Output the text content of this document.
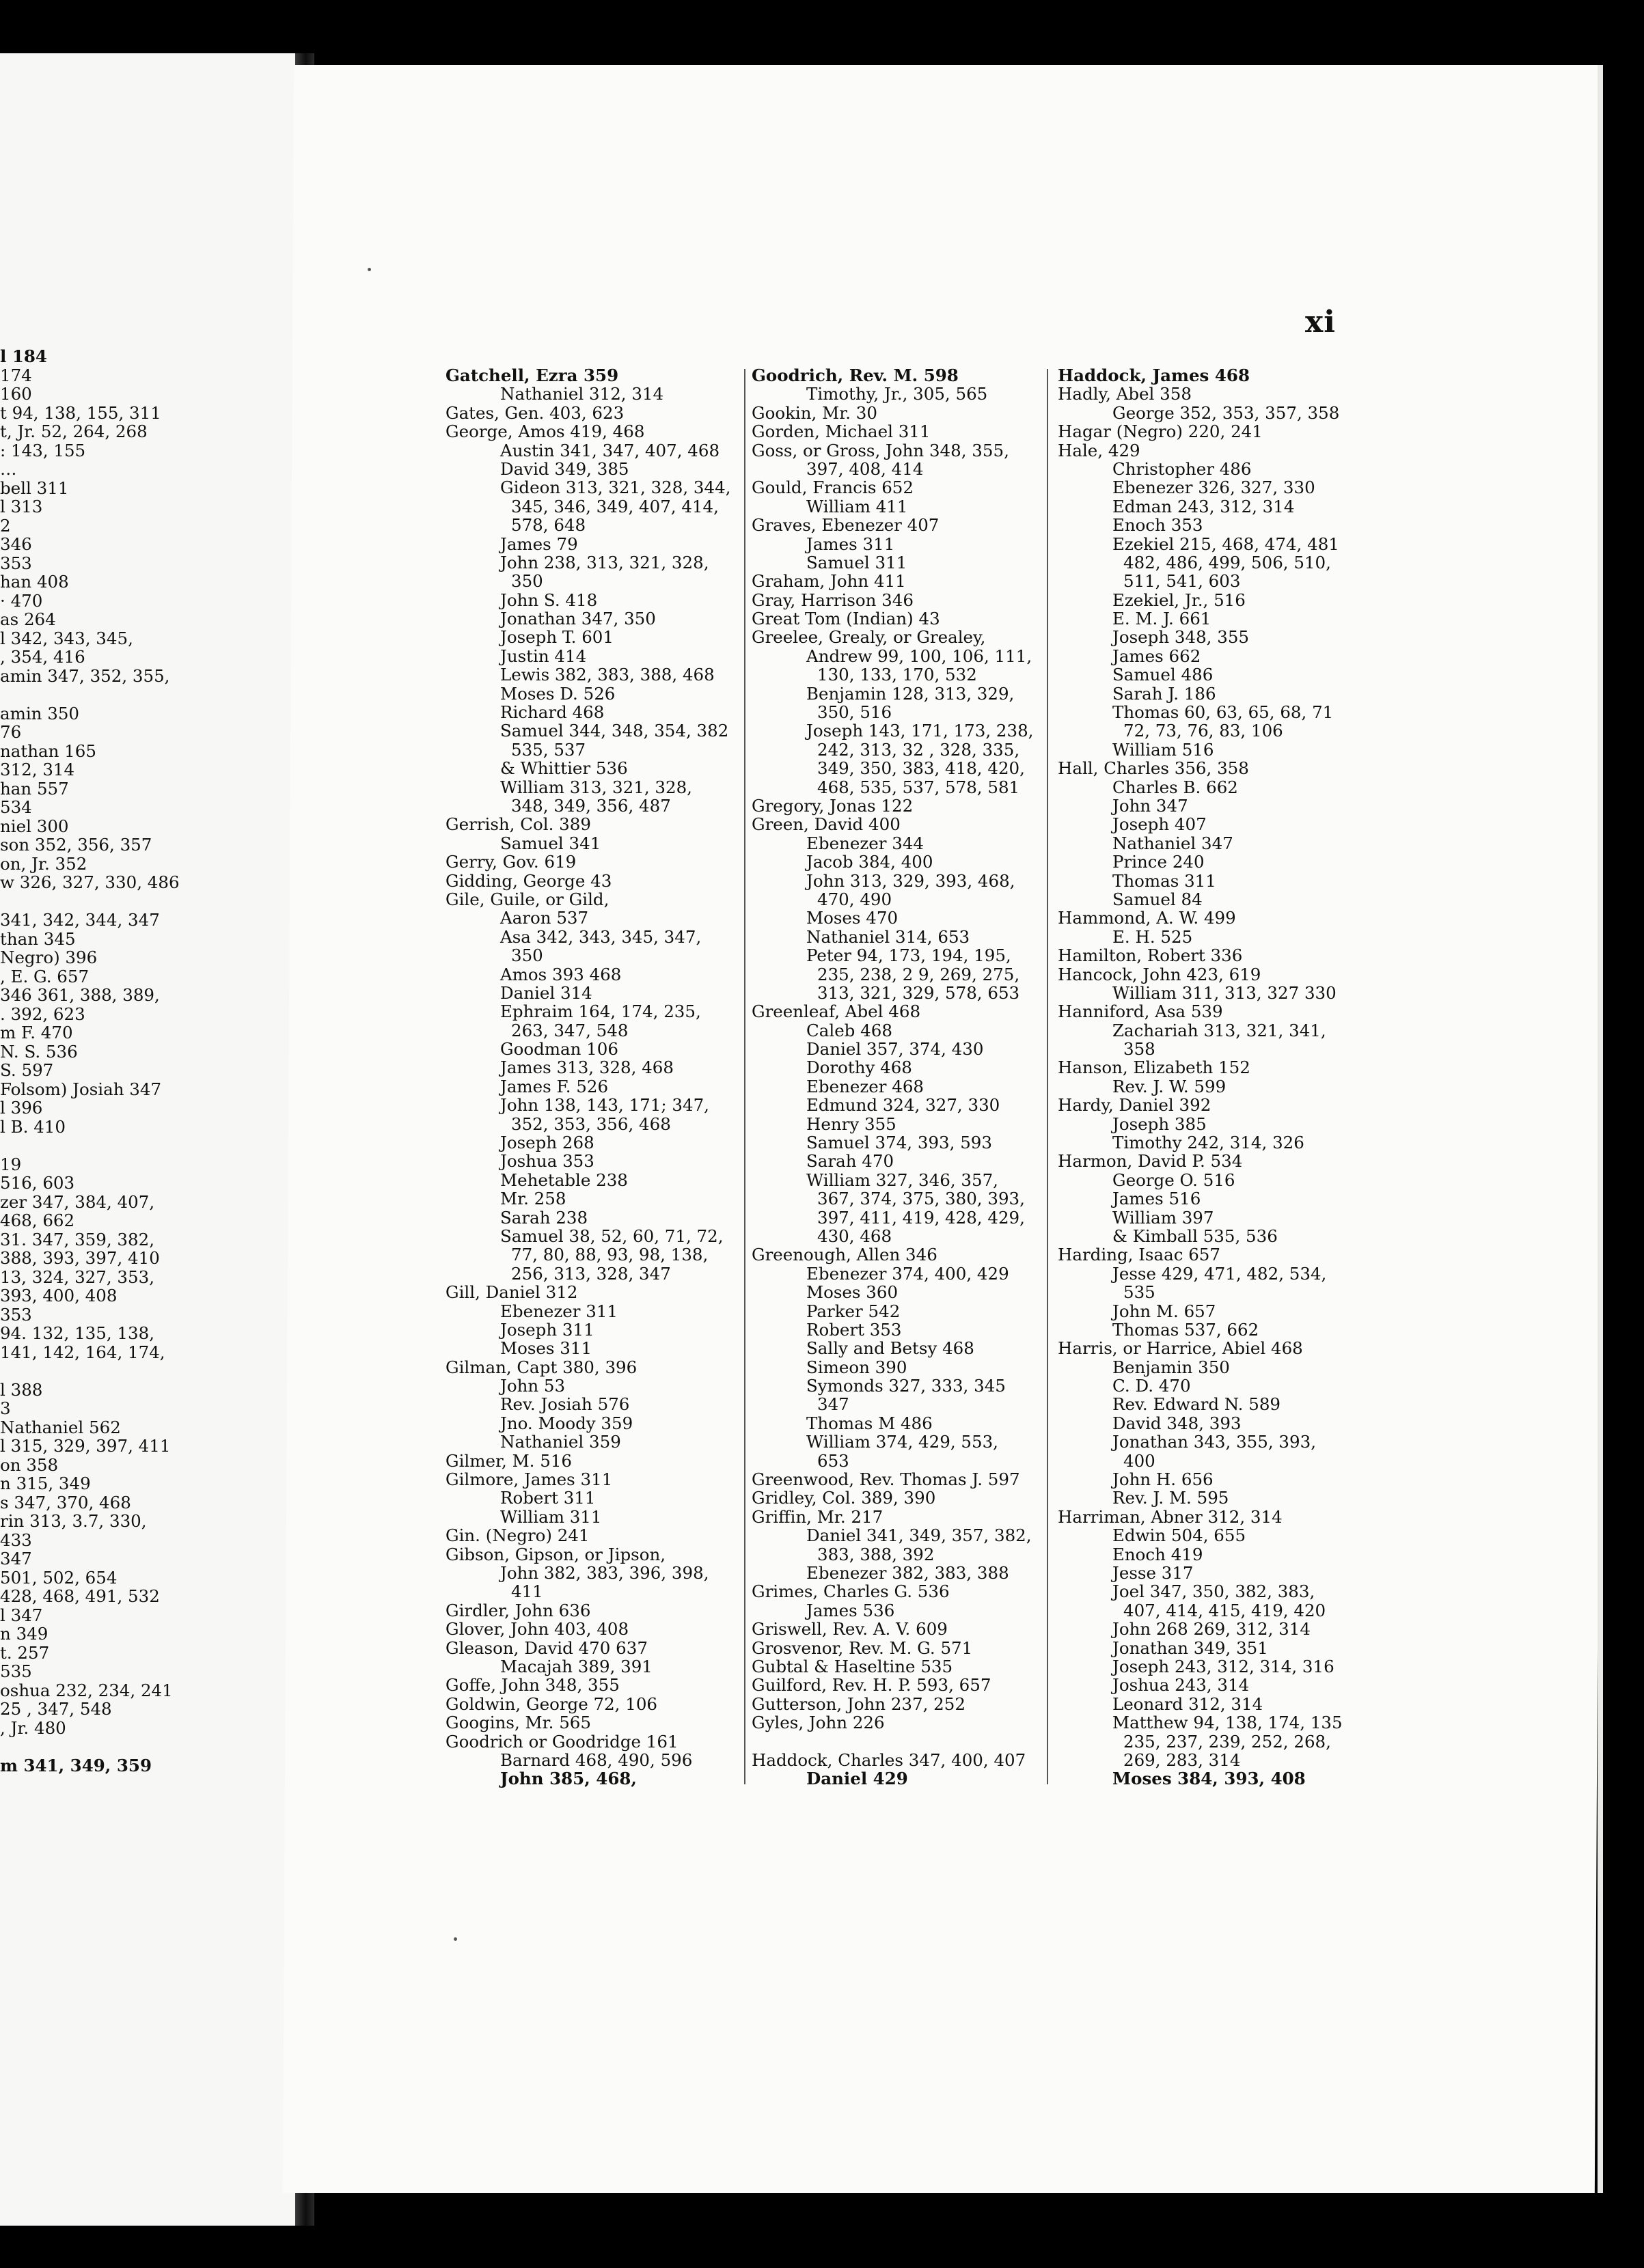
l 184
174
160
t 94, 138, 155, 311
t, Jr. 52, 264, 268
: 143, 155
…
bell 311
l 313
2
346
353
han 408
· 470
as 264
l 342, 343, 345,
, 354, 416
amin 347, 352, 355,
amin 350
76
nathan 165
312, 314
han 557
534
niel 300
son 352, 356, 357
on, Jr. 352
w 326, 327, 330, 486
341, 342, 344, 347
than 345
Negro) 396
, E. G. 657
346 361, 388, 389,
. 392, 623
m F. 470
N. S. 536
S. 597
Folsom) Josiah 347
l 396
l B. 410
19
516, 603
zer 347, 384, 407,
468, 662
31. 347, 359, 382,
388, 393, 397, 410
13, 324, 327, 353,
393, 400, 408
353
94. 132, 135, 138,
141, 142, 164, 174,
l 388
3
Nathaniel 562
l 315, 329, 397, 411
on 358
n 315, 349
s 347, 370, 468
rin 313, 3.7, 330,
433
347
501, 502, 654
428, 468, 491, 532
l 347
n 349
t. 257
535
oshua 232, 234, 241
25 , 347, 548
, Jr. 480
m 341, 349, 359
xi
Gatchell, Ezra 359
Nathaniel 312, 314
Gates, Gen. 403, 623
George, Amos 419, 468
Austin 341, 347, 407, 468
David 349, 385
Gideon 313, 321, 328, 344,
345, 346, 349, 407, 414,
578, 648
James 79
John 238, 313, 321, 328,
350
John S. 418
Jonathan 347, 350
Joseph T. 601
Justin 414
Lewis 382, 383, 388, 468
Moses D. 526
Richard 468
Samuel 344, 348, 354, 382
535, 537
& Whittier 536
William 313, 321, 328,
348, 349, 356, 487
Gerrish, Col. 389
Samuel 341
Gerry, Gov. 619
Gidding, George 43
Gile, Guile, or Gild,
Aaron 537
Asa 342, 343, 345, 347,
350
Amos 393 468
Daniel 314
Ephraim 164, 174, 235,
263, 347, 548
Goodman 106
James 313, 328, 468
James F. 526
John 138, 143, 171; 347,
352, 353, 356, 468
Joseph 268
Joshua 353
Mehetable 238
Mr. 258
Sarah 238
Samuel 38, 52, 60, 71, 72,
77, 80, 88, 93, 98, 138,
256, 313, 328, 347
Gill, Daniel 312
Ebenezer 311
Joseph 311
Moses 311
Gilman, Capt 380, 396
John 53
Rev. Josiah 576
Jno. Moody 359
Nathaniel 359
Gilmer, M. 516
Gilmore, James 311
Robert 311
William 311
Gin. (Negro) 241
Gibson, Gipson, or Jipson,
John 382, 383, 396, 398,
411
Girdler, John 636
Glover, John 403, 408
Gleason, David 470 637
Macajah 389, 391
Goffe, John 348, 355
Goldwin, George 72, 106
Googins, Mr. 565
Goodrich or Goodridge 161
Barnard 468, 490, 596
John 385, 468,
Goodrich, Rev. M. 598
Timothy, Jr., 305, 565
Gookin, Mr. 30
Gorden, Michael 311
Goss, or Gross, John 348, 355,
397, 408, 414
Gould, Francis 652
William 411
Graves, Ebenezer 407
James 311
Samuel 311
Graham, John 411
Gray, Harrison 346
Great Tom (Indian) 43
Greelee, Grealy, or Grealey,
Andrew 99, 100, 106, 111,
130, 133, 170, 532
Benjamin 128, 313, 329,
350, 516
Joseph 143, 171, 173, 238,
242, 313, 32 , 328, 335,
349, 350, 383, 418, 420,
468, 535, 537, 578, 581
Gregory, Jonas 122
Green, David 400
Ebenezer 344
Jacob 384, 400
John 313, 329, 393, 468,
470, 490
Moses 470
Nathaniel 314, 653
Peter 94, 173, 194, 195,
235, 238, 2 9, 269, 275,
313, 321, 329, 578, 653
Greenleaf, Abel 468
Caleb 468
Daniel 357, 374, 430
Dorothy 468
Ebenezer 468
Edmund 324, 327, 330
Henry 355
Samuel 374, 393, 593
Sarah 470
William 327, 346, 357,
367, 374, 375, 380, 393,
397, 411, 419, 428, 429,
430, 468
Greenough, Allen 346
Ebenezer 374, 400, 429
Moses 360
Parker 542
Robert 353
Sally and Betsy 468
Simeon 390
Symonds 327, 333, 345
347
Thomas M 486
William 374, 429, 553,
653
Greenwood, Rev. Thomas J. 597
Gridley, Col. 389, 390
Griffin, Mr. 217
Daniel 341, 349, 357, 382,
383, 388, 392
Ebenezer 382, 383, 388
Grimes, Charles G. 536
James 536
Griswell, Rev. A. V. 609
Grosvenor, Rev. M. G. 571
Gubtal & Haseltine 535
Guilford, Rev. H. P. 593, 657
Gutterson, John 237, 252
Gyles, John 226
Haddock, Charles 347, 400, 407
Daniel 429
Haddock, James 468
Hadly, Abel 358
George 352, 353, 357, 358
Hagar (Negro) 220, 241
Hale, 429
Christopher 486
Ebenezer 326, 327, 330
Edman 243, 312, 314
Enoch 353
Ezekiel 215, 468, 474, 481
482, 486, 499, 506, 510,
511, 541, 603
Ezekiel, Jr., 516
E. M. J. 661
Joseph 348, 355
James 662
Samuel 486
Sarah J. 186
Thomas 60, 63, 65, 68, 71
72, 73, 76, 83, 106
William 516
Hall, Charles 356, 358
Charles B. 662
John 347
Joseph 407
Nathaniel 347
Prince 240
Thomas 311
Samuel 84
Hammond, A. W. 499
E. H. 525
Hamilton, Robert 336
Hancock, John 423, 619
William 311, 313, 327 330
Hanniford, Asa 539
Zachariah 313, 321, 341,
358
Hanson, Elizabeth 152
Rev. J. W. 599
Hardy, Daniel 392
Joseph 385
Timothy 242, 314, 326
Harmon, David P. 534
George O. 516
James 516
William 397
& Kimball 535, 536
Harding, Isaac 657
Jesse 429, 471, 482, 534,
535
John M. 657
Thomas 537, 662
Harris, or Harrice, Abiel 468
Benjamin 350
C. D. 470
Rev. Edward N. 589
David 348, 393
Jonathan 343, 355, 393,
400
John H. 656
Rev. J. M. 595
Harriman, Abner 312, 314
Edwin 504, 655
Enoch 419
Jesse 317
Joel 347, 350, 382, 383,
407, 414, 415, 419, 420
John 268 269, 312, 314
Jonathan 349, 351
Joseph 243, 312, 314, 316
Joshua 243, 314
Leonard 312, 314
Matthew 94, 138, 174, 135
235, 237, 239, 252, 268,
269, 283, 314
Moses 384, 393, 408
